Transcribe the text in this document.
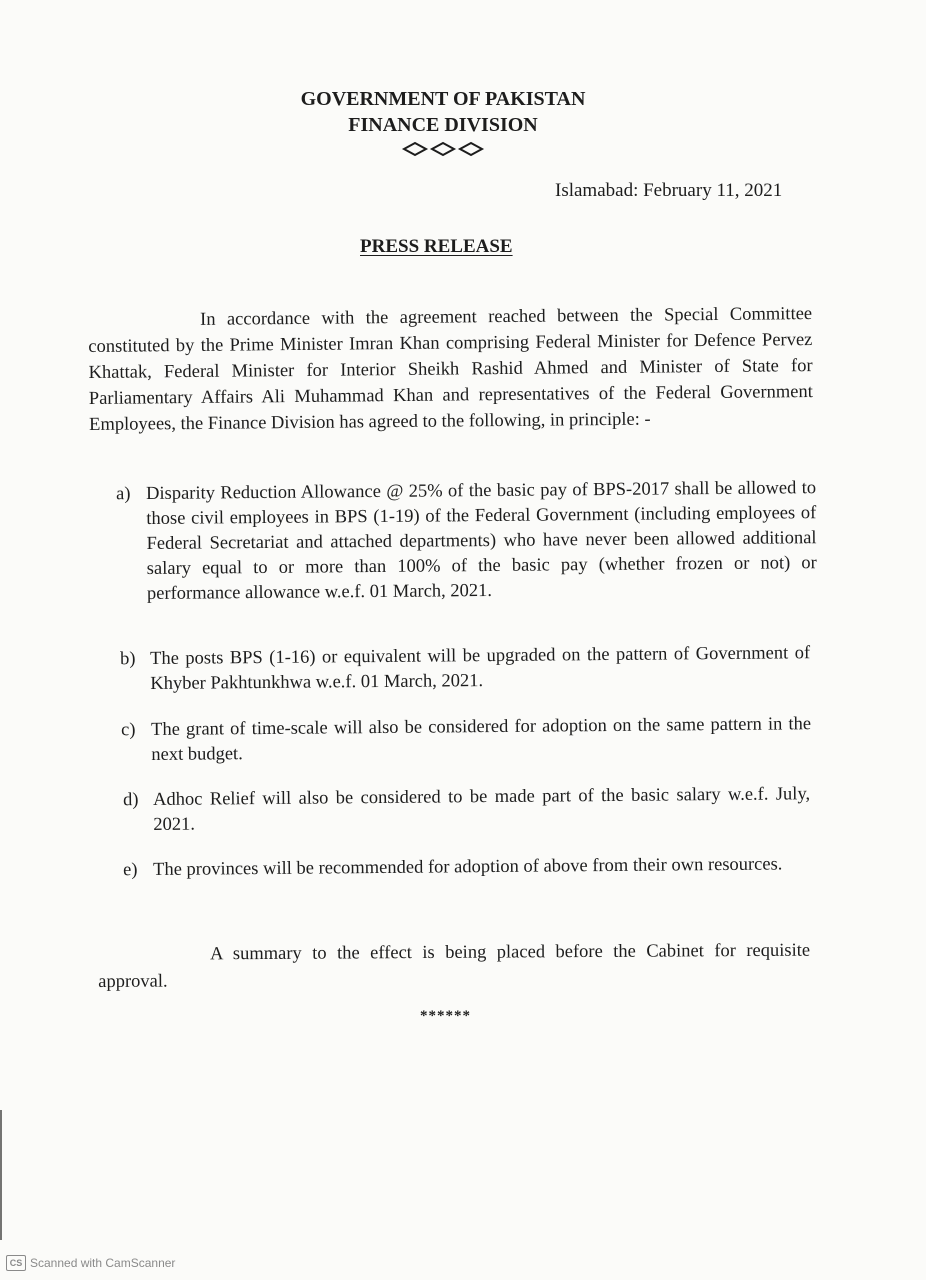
GOVERNMENT OF PAKISTAN
FINANCE DIVISION
Islamabad: February 11, 2021
PRESS RELEASE

In accordance with the agreement reached between the Special Committee constituted by the Prime Minister Imran Khan comprising Federal Minister for Defence Pervez Khattak, Federal Minister for Interior Sheikh Rashid Ahmed and Minister of State for Parliamentary Affairs Ali Muhammad Khan and representatives of the Federal Government Employees, the Finance Division has agreed to the following, in principle: -

a) Disparity Reduction Allowance @ 25% of the basic pay of BPS-2017 shall be allowed to those civil employees in BPS (1-19) of the Federal Government (including employees of Federal Secretariat and attached departments) who have never been allowed additional salary equal to or more than 100% of the basic pay (whether frozen or not) or performance allowance w.e.f. 01 March, 2021.
b) The posts BPS (1-16) or equivalent will be upgraded on the pattern of Government of Khyber Pakhtunkhwa w.e.f. 01 March, 2021.
c) The grant of time-scale will also be considered for adoption on the same pattern in the next budget.
d) Adhoc Relief will also be considered to be made part of the basic salary w.e.f. July, 2021.
e) The provinces will be recommended for adoption of above from their own resources.

A summary to the effect is being placed before the Cabinet for requisite approval.

******
CS Scanned with CamScanner
